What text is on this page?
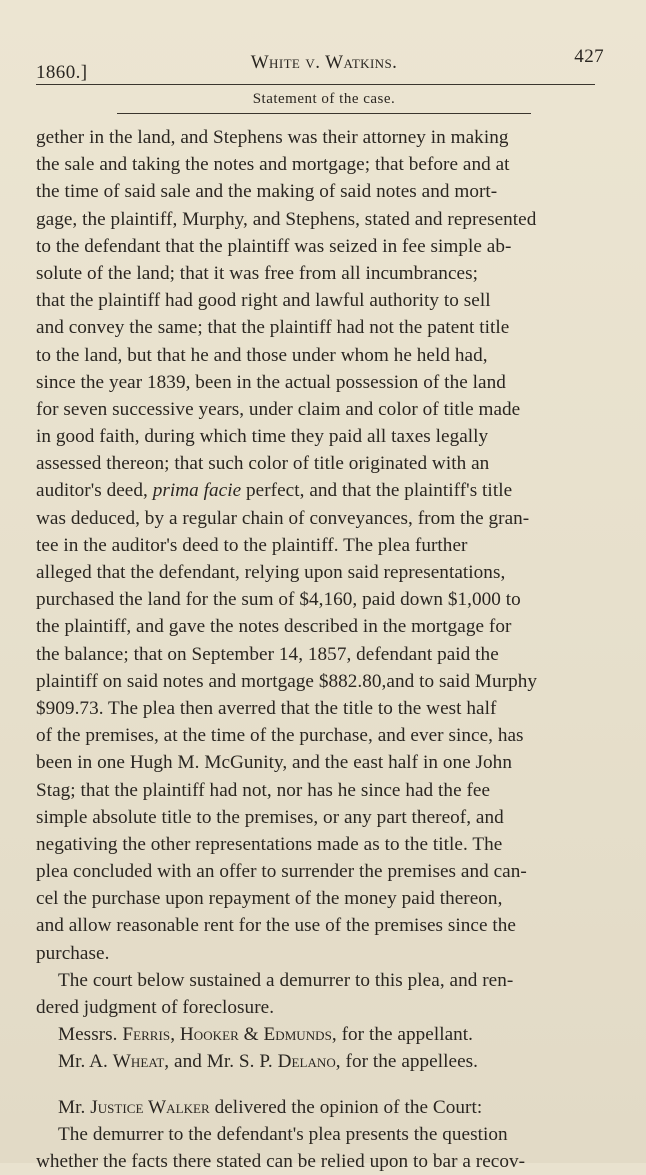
1860.]	White v. Watkins.	427
Statement of the case.
gether in the land, and Stephens was their attorney in making
the sale and taking the notes and mortgage; that before and at
the time of said sale and the making of said notes and mort-
gage, the plaintiff, Murphy, and Stephens, stated and represented
to the defendant that the plaintiff was seized in fee simple ab-
solute of the land; that it was free from all incumbrances;
that the plaintiff had good right and lawful authority to sell
and convey the same; that the plaintiff had not the patent title
to the land, but that he and those under whom he held had,
since the year 1839, been in the actual possession of the land
for seven successive years, under claim and color of title made
in good faith, during which time they paid all taxes legally
assessed thereon; that such color of title originated with an
auditor's deed, prima facie perfect, and that the plaintiff's title
was deduced, by a regular chain of conveyances, from the gran-
tee in the auditor's deed to the plaintiff. The plea further
alleged that the defendant, relying upon said representations,
purchased the land for the sum of $4,160, paid down $1,000 to
the plaintiff, and gave the notes described in the mortgage for
the balance; that on September 14, 1857, defendant paid the
plaintiff on said notes and mortgage $882.80,and to said Murphy
$909.73. The plea then averred that the title to the west half
of the premises, at the time of the purchase, and ever since, has
been in one Hugh M. McGunity, and the east half in one John
Stag; that the plaintiff had not, nor has he since had the fee
simple absolute title to the premises, or any part thereof, and
negativing the other representations made as to the title. The
plea concluded with an offer to surrender the premises and can-
cel the purchase upon repayment of the money paid thereon,
and allow reasonable rent for the use of the premises since the
purchase.
The court below sustained a demurrer to this plea, and ren-
dered judgment of foreclosure.
Messrs. Ferris, Hooker & Edmunds, for the appellant.
Mr. A. Wheat, and Mr. S. P. Delano, for the appellees.
Mr. Justice Walker delivered the opinion of the Court:
The demurrer to the defendant's plea presents the question
whether the facts there stated can be relied upon to bar a recov-
